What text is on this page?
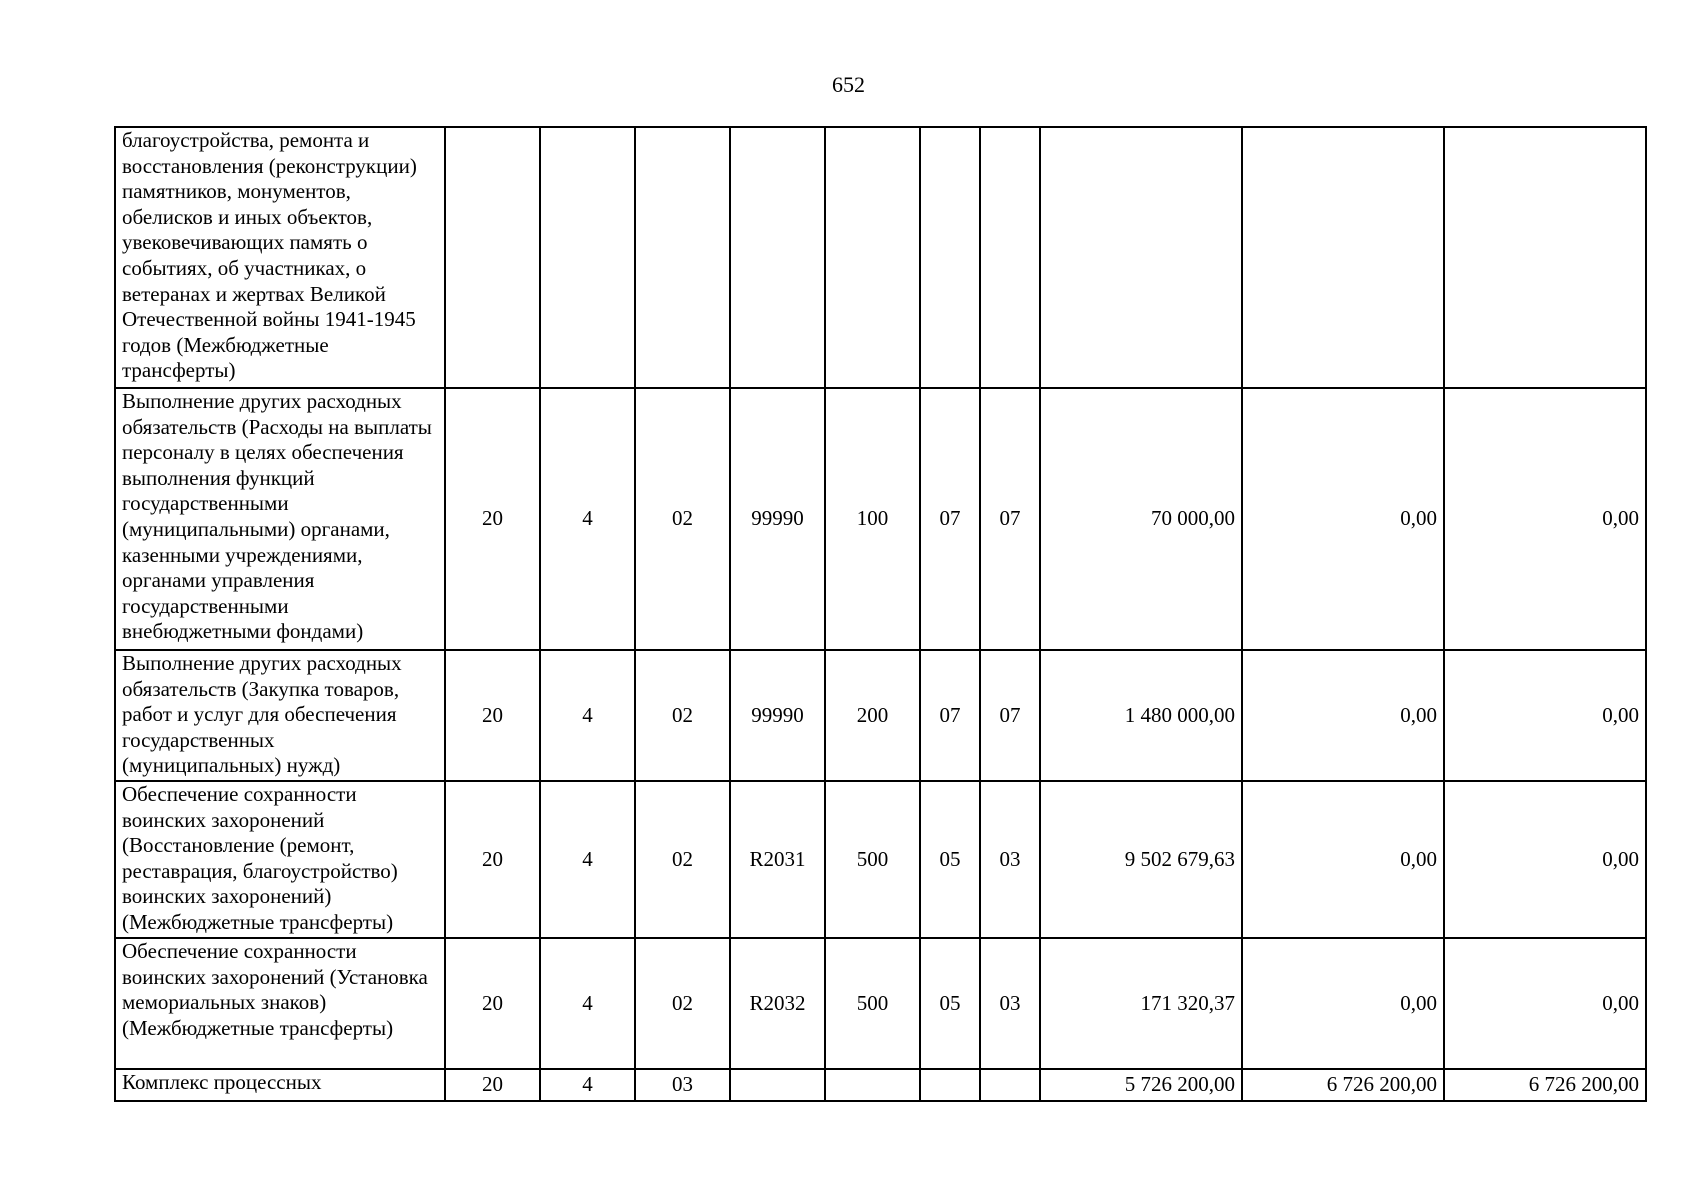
652
благоустройства, ремонта и восстановления (реконструкции) памятников, монументов, обелисков и иных объектов, увековечивающих память о событиях, об участниках, о ветеранах и жертвах Великой Отечественной войны 1941-1945 годов (Межбюджетные трансферты)										
Выполнение других расходных обязательств (Расходы на выплаты персоналу в целях обеспечения выполнения функций государственными (муниципальными) органами, казенными учреждениями, органами управления государственными внебюджетными фондами)	20	4	02	99990	100	07	07	70 000,00	0,00	0,00
Выполнение других расходных обязательств (Закупка товаров, работ и услуг для обеспечения государственных (муниципальных) нужд)	20	4	02	99990	200	07	07	1 480 000,00	0,00	0,00
Обеспечение сохранности воинских захоронений (Восстановление (ремонт, реставрация, благоустройство) воинских захоронений) (Межбюджетные трансферты)	20	4	02	R2031	500	05	03	9 502 679,63	0,00	0,00
Обеспечение сохранности воинских захоронений (Установка мемориальных знаков) (Межбюджетные трансферты)	20	4	02	R2032	500	05	03	171 320,37	0,00	0,00
Комплекс процессных	20	4	03					5 726 200,00	6 726 200,00	6 726 200,00
